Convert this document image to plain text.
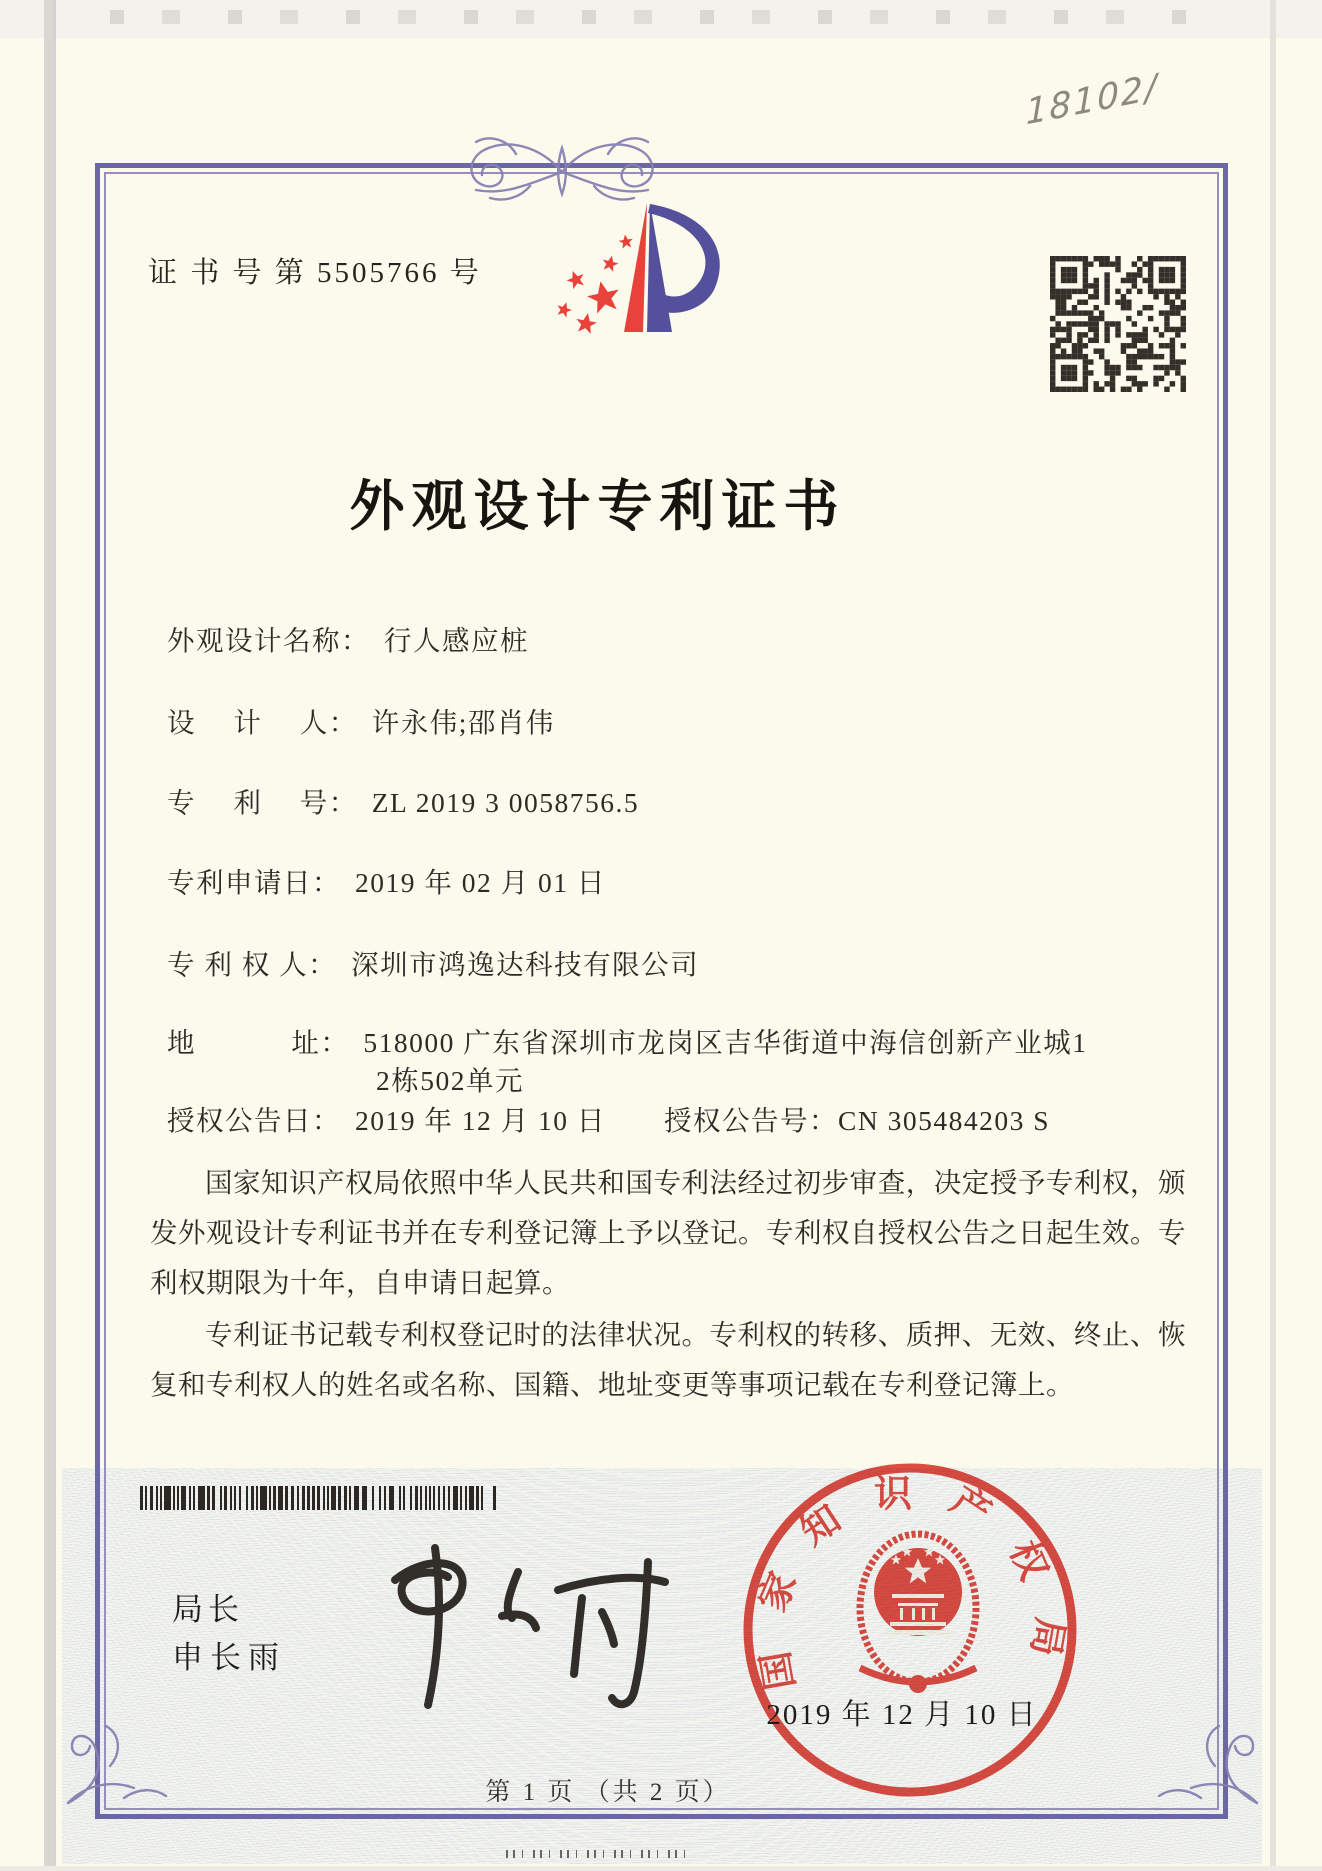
18102/
证 书 号 第 5505766 号
外观设计专利证书
外观设计名称： 行人感应桩
设　 计　 人： 许永伟;邵肖伟
专　 利　 号： ZL 2019 3 0058756.5
专利申请日： 2019 年 02 月 01 日
专 利 权 人： 深圳市鸿逸达科技有限公司
地　　　 址： 518000 广东省深圳市龙岗区吉华街道中海信创新产业城1
2栋502单元
授权公告日： 2019 年 12 月 10 日 授权公告号：CN 305484203 S
国家知识产权局依照中华人民共和国专利法经过初步审查，决定授予专利权，颁发外观设计专利证书并在专利登记簿上予以登记。专利权自授权公告之日起生效。专利权期限为十年，自申请日起算。
专利证书记载专利权登记时的法律状况。专利权的转移、质押、无效、终止、恢复和专利权人的姓名或名称、国籍、地址变更等事项记载在专利登记簿上。
局长
申长雨	国家知识产权局
2019 年 12 月 10 日
第 1 页 （共 2 页）
